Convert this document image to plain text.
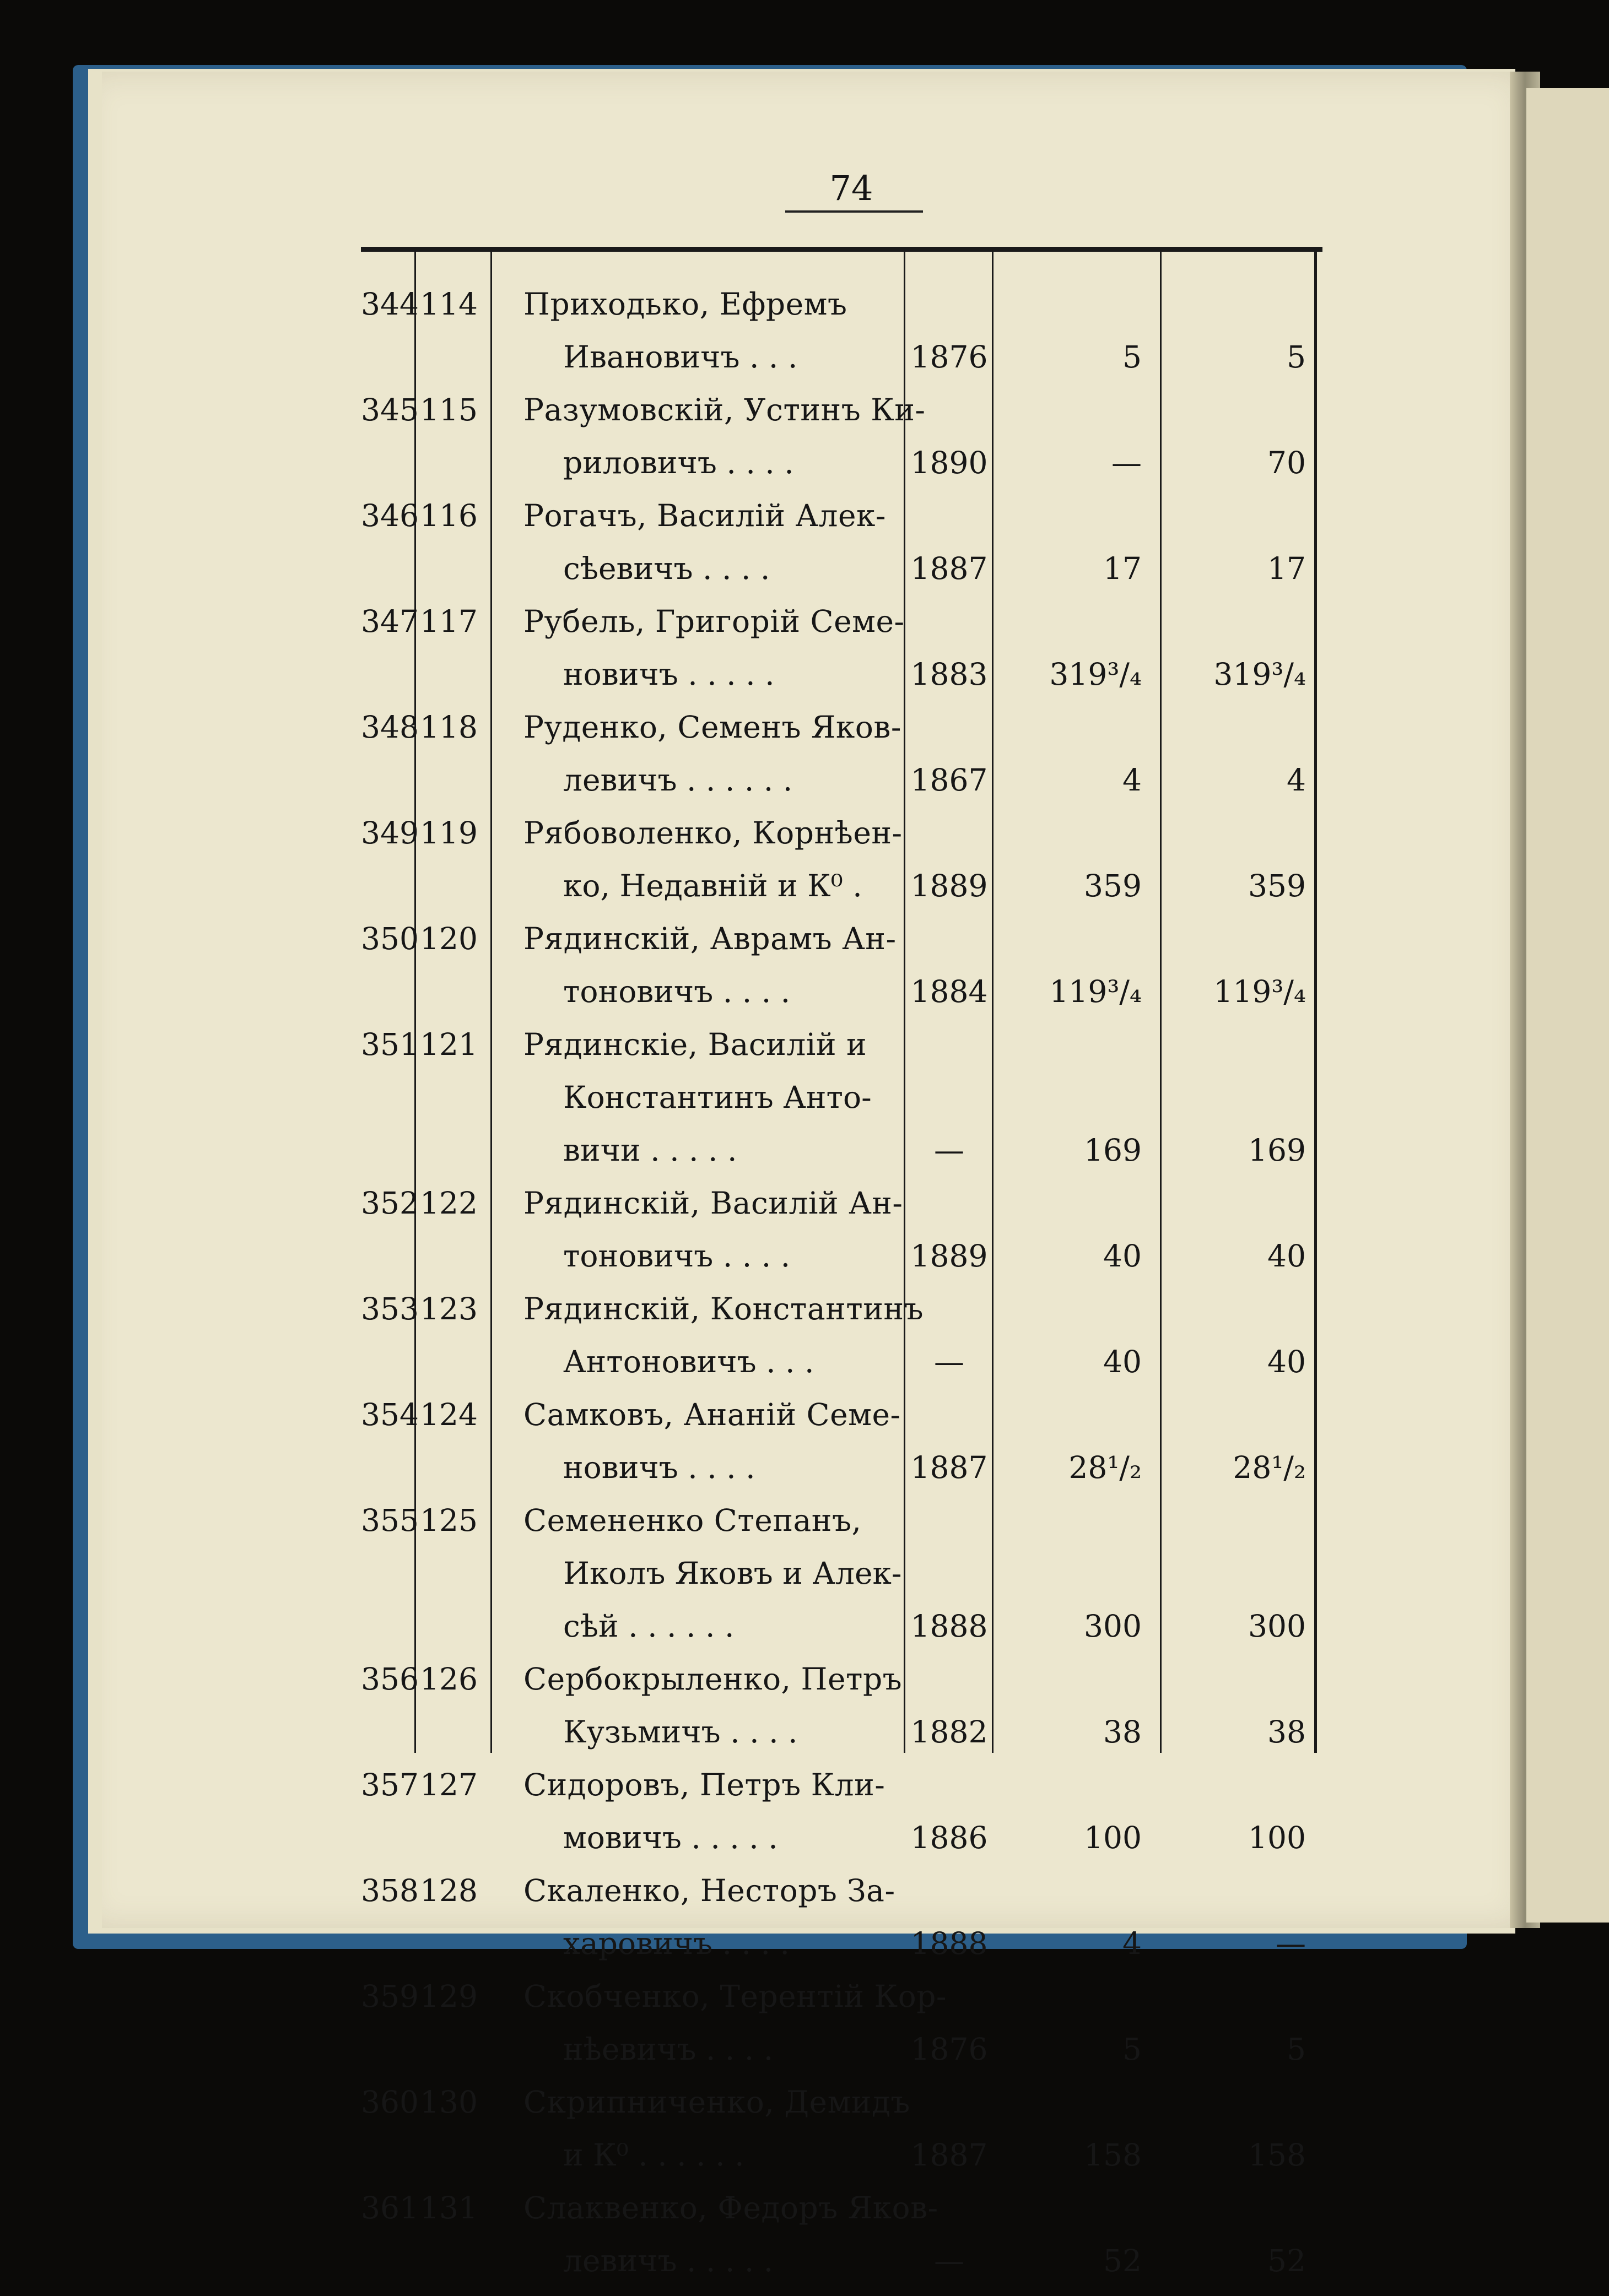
74
344 114	Приходько, Ефремъ
Ивановичъ . . .	1876	5	5
345 115	Разумовскій, Устинъ Ки-
риловичъ . . . .	1890	—	70
346 116	Рогачъ, Василій Алек-
сѣевичъ . . . .	1887	17	17
347 117	Рубель, Григорій Семе-
новичъ . . . . .	1883	319³/₄	319³/₄
348 118	Руденко, Семенъ Яков-
левичъ . . . . . .	1867	4	4
349 119	Рябоволенко, Корнѣен-
ко, Недавній и К⁰ .	1889	359	359
350 120	Рядинскій, Аврамъ Ан-
тоновичъ . . . .	1884	119³/₄	119³/₄
351 121	Рядинскіе, Василій и
Константинъ Анто-
вичи . . . . .	—	169	169
352 122	Рядинскій, Василій Ан-
тоновичъ . . . .	1889	40	40
353 123	Рядинскій, Константинъ
Антоновичъ . . .	—	40	40
354 124	Самковъ, Ананій Семе-
новичъ . . . .	1887	28¹/₂	28¹/₂
355 125	Семененко Степанъ,
Иколъ Яковъ и Алек-
сѣй . . . . . .	1888	300	300
356 126	Сербокрыленко, Петръ
Кузьмичъ . . . .	1882	38	38
357 127	Сидоровъ, Петръ Кли-
мовичъ . . . . .	1886	100	100
358 128	Скаленко, Несторъ За-
харовичъ . . . .	1888	4	—
359 129	Скобченко, Терентій Кор-
нѣевичъ . . . .	1876	5	5
360 130	Скрипниченко, Демидъ
и К⁰ . . . . . .	1887	158	158
361 131	Слаквенко, Федоръ Яков-
левичъ . . . . .	—	52	52
